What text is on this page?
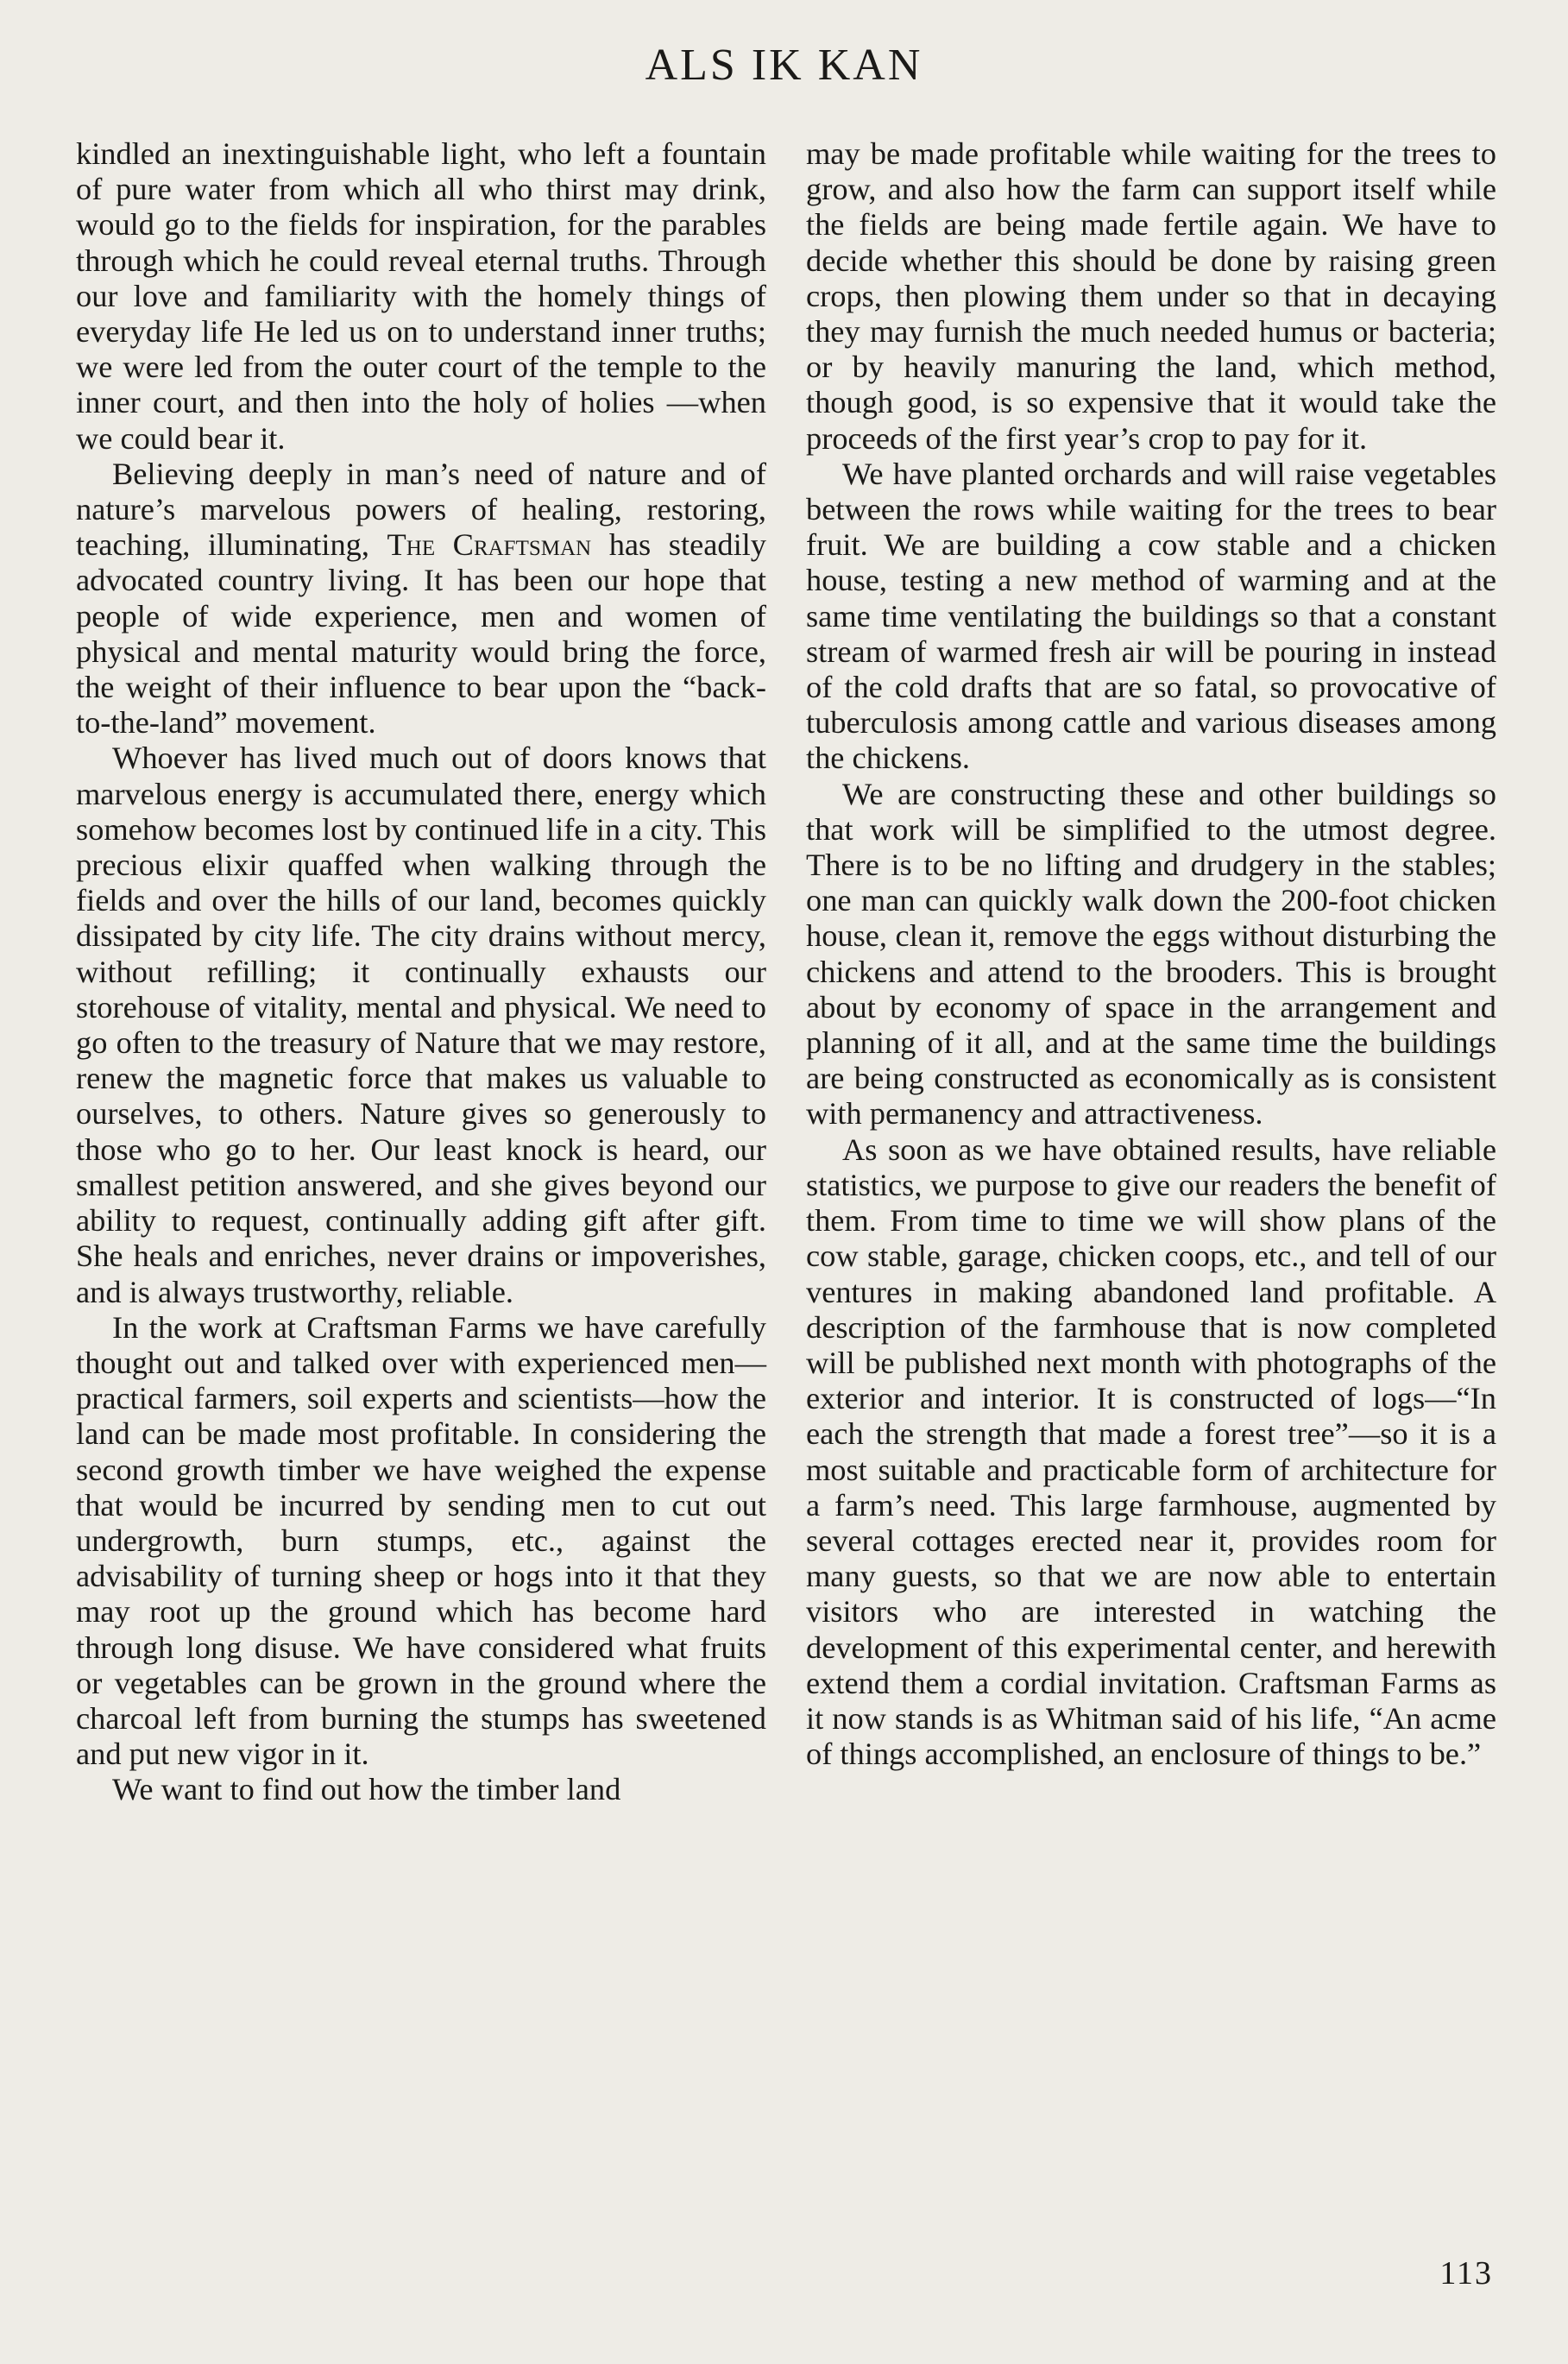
ALS IK KAN

kindled an inextinguishable light, who left a fountain of pure water from which all who thirst may drink, would go to the fields for inspiration, for the parables through which he could reveal eternal truths. Through our love and familiarity with the homely things of everyday life He led us on to understand inner truths; we were led from the outer court of the temple to the inner court, and then into the holy of holies —when we could bear it.

Believing deeply in man’s need of nature and of nature’s marvelous powers of healing, restoring, teaching, illuminating, The Craftsman has steadily advocated country living. It has been our hope that people of wide experience, men and women of physical and mental maturity would bring the force, the weight of their influence to bear upon the “back-to-the-land” movement.

Whoever has lived much out of doors knows that marvelous energy is accumulated there, energy which somehow becomes lost by continued life in a city. This precious elixir quaffed when walking through the fields and over the hills of our land, becomes quickly dissipated by city life. The city drains without mercy, without refilling; it continually exhausts our storehouse of vitality, mental and physical. We need to go often to the treasury of Nature that we may restore, renew the magnetic force that makes us valuable to ourselves, to others. Nature gives so generously to those who go to her. Our least knock is heard, our smallest petition answered, and she gives beyond our ability to request, continually adding gift after gift. She heals and enriches, never drains or impoverishes, and is always trustworthy, reliable.

In the work at Craftsman Farms we have carefully thought out and talked over with experienced men—practical farmers, soil experts and scientists—how the land can be made most profitable. In considering the second growth timber we have weighed the expense that would be incurred by sending men to cut out undergrowth, burn stumps, etc., against the advisability of turning sheep or hogs into it that they may root up the ground which has become hard through long disuse. We have considered what fruits or vegetables can be grown in the ground where the charcoal left from burning the stumps has sweetened and put new vigor in it.

We want to find out how the timber land

may be made profitable while waiting for the trees to grow, and also how the farm can support itself while the fields are being made fertile again. We have to decide whether this should be done by raising green crops, then plowing them under so that in decaying they may furnish the much needed humus or bacteria; or by heavily manuring the land, which method, though good, is so expensive that it would take the proceeds of the first year’s crop to pay for it.

We have planted orchards and will raise vegetables between the rows while waiting for the trees to bear fruit. We are building a cow stable and a chicken house, testing a new method of warming and at the same time ventilating the buildings so that a constant stream of warmed fresh air will be pouring in instead of the cold drafts that are so fatal, so provocative of tuberculosis among cattle and various diseases among the chickens.

We are constructing these and other buildings so that work will be simplified to the utmost degree. There is to be no lifting and drudgery in the stables; one man can quickly walk down the 200-foot chicken house, clean it, remove the eggs without disturbing the chickens and attend to the brooders. This is brought about by economy of space in the arrangement and planning of it all, and at the same time the buildings are being constructed as economically as is consistent with permanency and attractiveness.

As soon as we have obtained results, have reliable statistics, we purpose to give our readers the benefit of them. From time to time we will show plans of the cow stable, garage, chicken coops, etc., and tell of our ventures in making abandoned land profitable. A description of the farmhouse that is now completed will be published next month with photographs of the exterior and interior. It is constructed of logs—“In each the strength that made a forest tree”—so it is a most suitable and practicable form of architecture for a farm’s need. This large farmhouse, augmented by several cottages erected near it, provides room for many guests, so that we are now able to entertain visitors who are interested in watching the development of this experimental center, and herewith extend them a cordial invitation. Craftsman Farms as it now stands is as Whitman said of his life, “An acme of things accomplished, an enclosure of things to be.”

113
